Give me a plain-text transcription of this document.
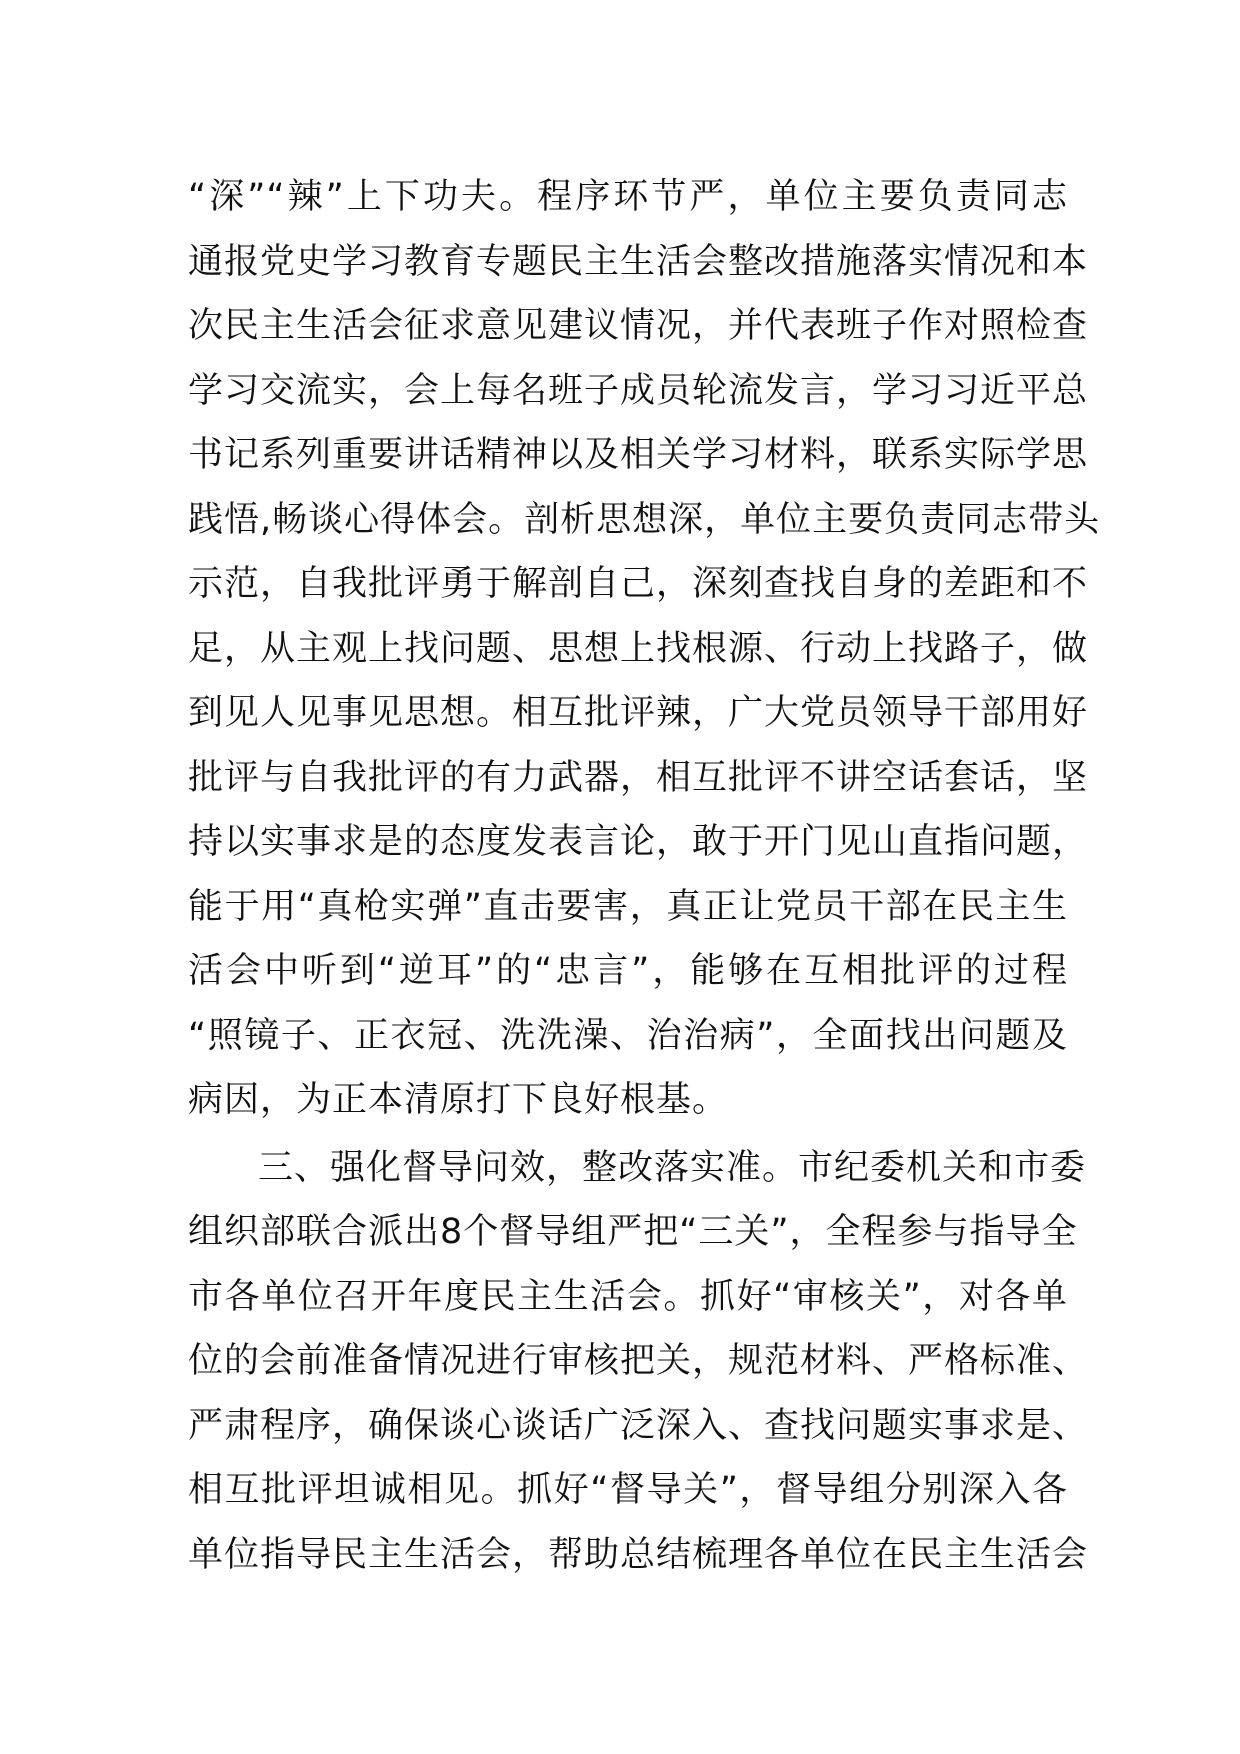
“深”“辣”上下功夫。程序环节严，单位主要负责同志
通报党史学习教育专题民主生活会整改措施落实情况和本
次民主生活会征求意见建议情况，并代表班子作对照检查
学习交流实，会上每名班子成员轮流发言，学习习近平总
书记系列重要讲话精神以及相关学习材料，联系实际学思
践悟,畅谈心得体会。剖析思想深，单位主要负责同志带头
示范，自我批评勇于解剖自己，深刻查找自身的差距和不
足，从主观上找问题、思想上找根源、行动上找路子，做
到见人见事见思想。相互批评辣，广大党员领导干部用好
批评与自我批评的有力武器，相互批评不讲空话套话，坚
持以实事求是的态度发表言论，敢于开门见山直指问题，
能于用“真枪实弹”直击要害，真正让党员干部在民主生
活会中听到“逆耳”的“忠言”，能够在互相批评的过程
“照镜子、正衣冠、洗洗澡、治治病”，全面找出问题及
病因，为正本清原打下良好根基。
三、强化督导问效，整改落实准。市纪委机关和市委
组织部联合派出8个督导组严把“三关”，全程参与指导全
市各单位召开年度民主生活会。抓好“审核关”，对各单
位的会前准备情况进行审核把关，规范材料、严格标准、
严肃程序，确保谈心谈话广泛深入、查找问题实事求是、
相互批评坦诚相见。抓好“督导关”，督导组分别深入各
单位指导民主生活会，帮助总结梳理各单位在民主生活会
